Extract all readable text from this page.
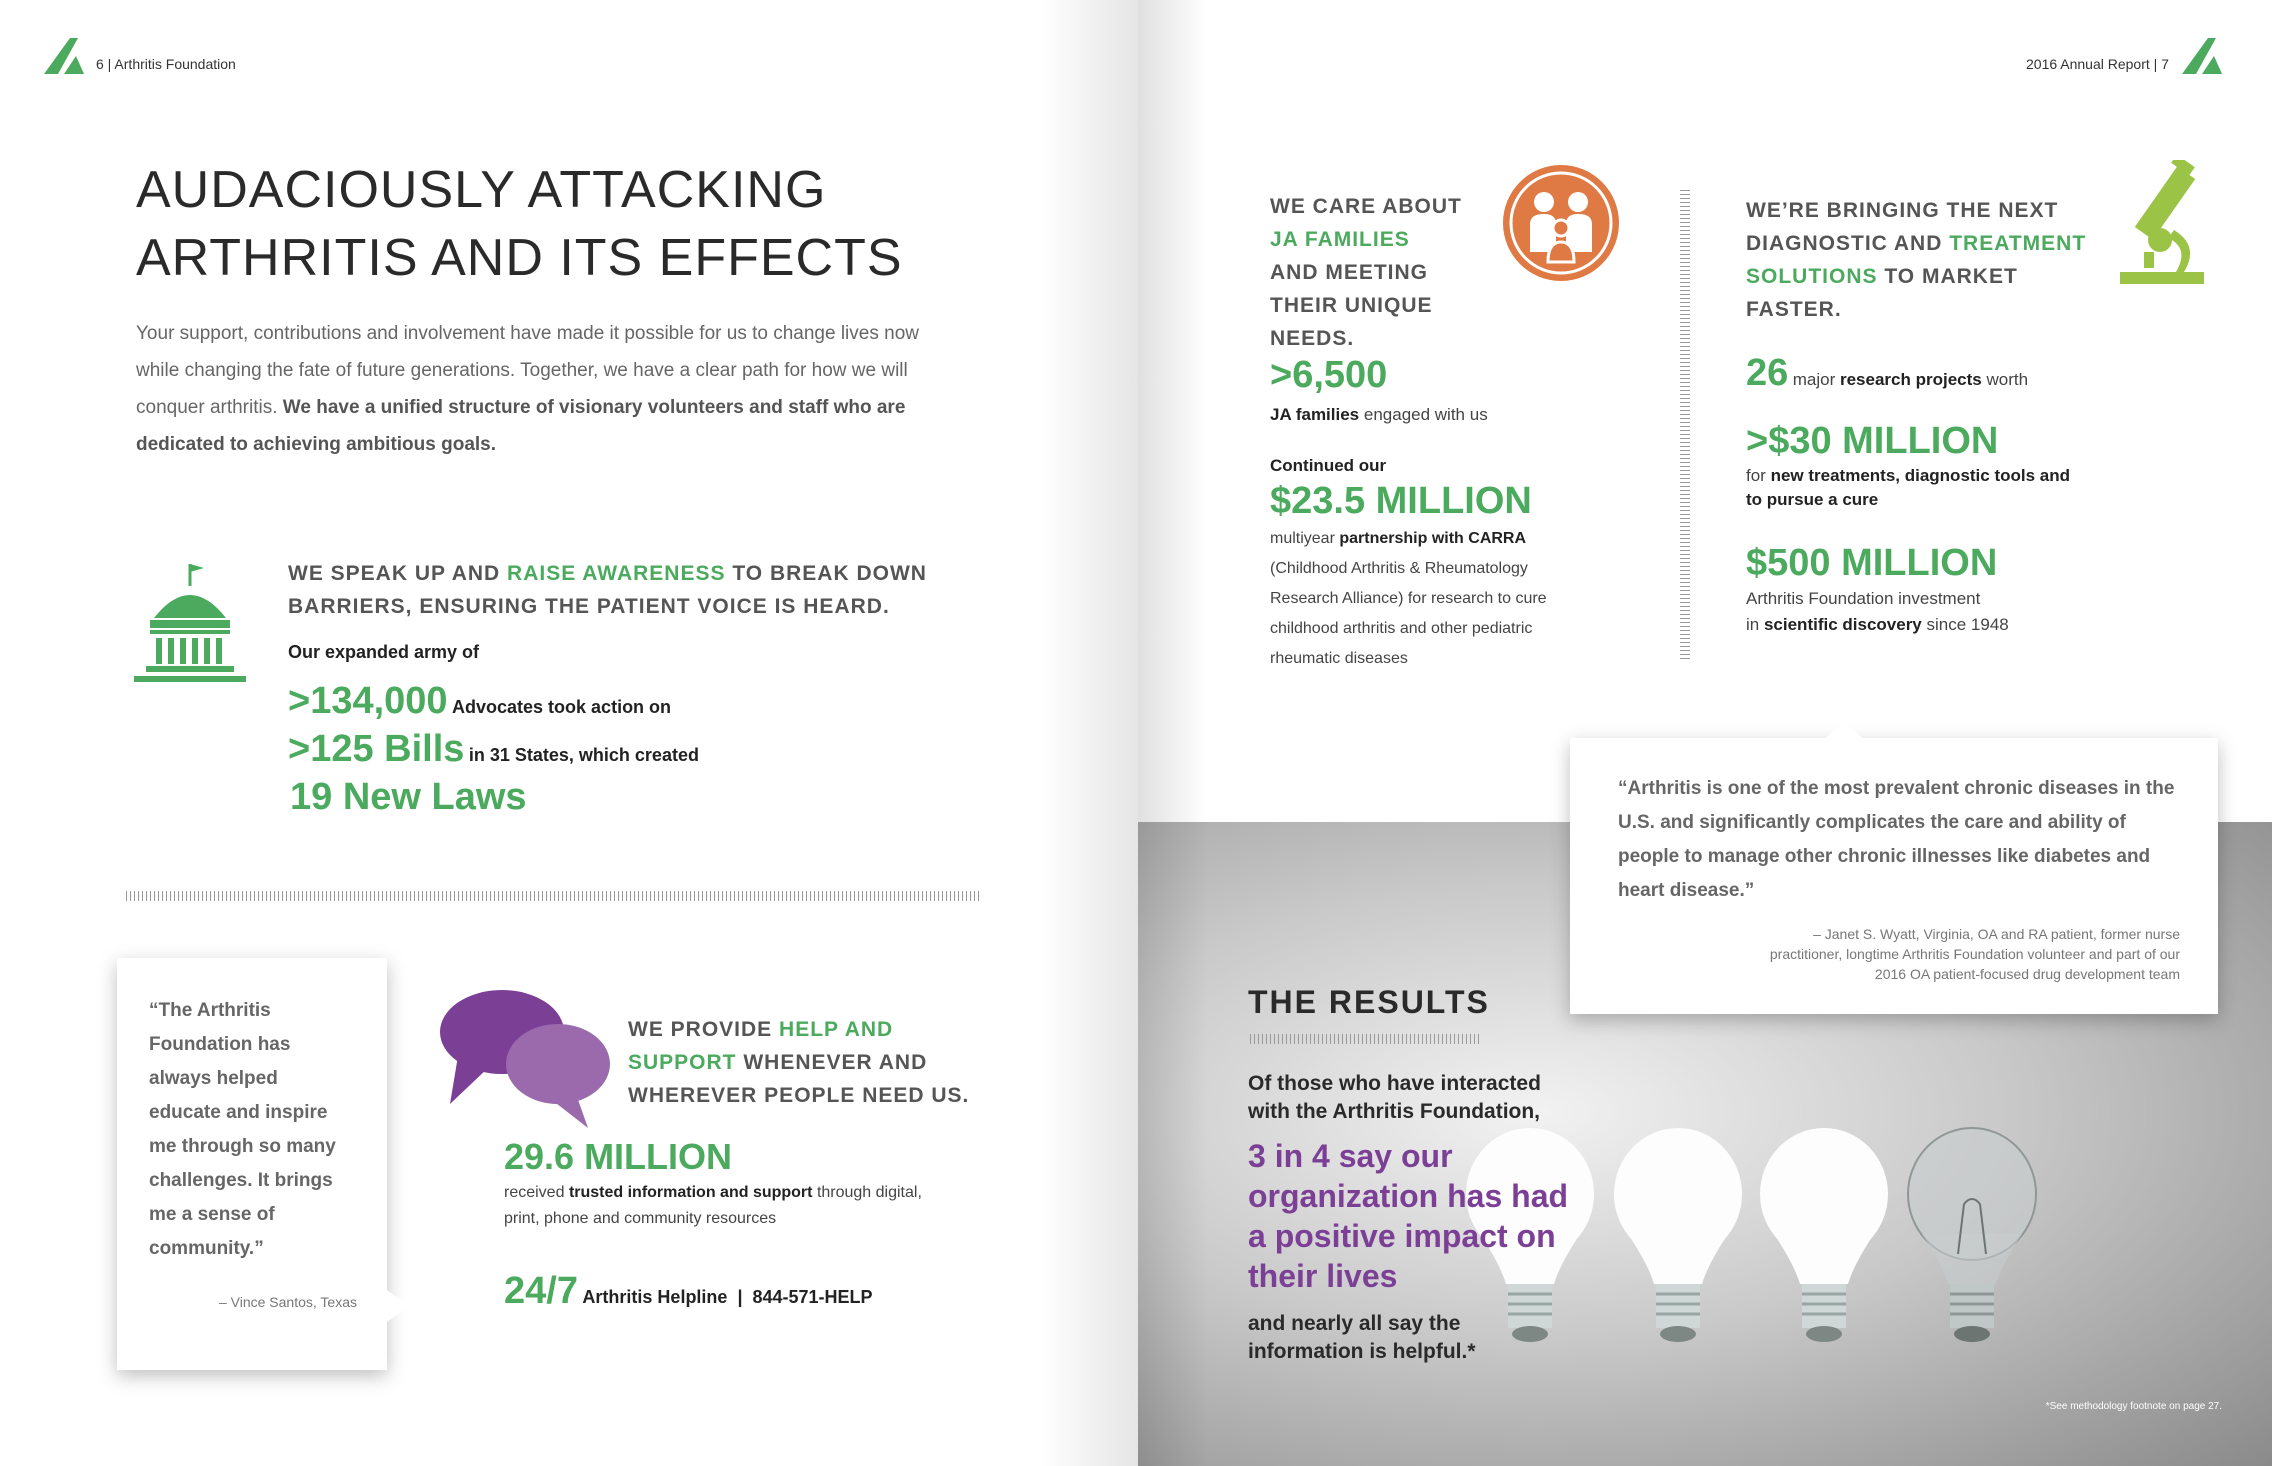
6 | Arthritis Foundation
AUDACIOUSLY ATTACKING
ARTHRITIS AND ITS EFFECTS
Your support, contributions and involvement have made it possible for us to change lives now while changing the fate of future generations. Together, we have a clear path for how we will conquer arthritis. We have a unified structure of visionary volunteers and staff who are dedicated to achieving ambitious goals.
WE SPEAK UP AND RAISE AWARENESS TO BREAK DOWN BARRIERS, ENSURING THE PATIENT VOICE IS HEARD.
Our expanded army of
>134,000 Advocates took action on
>125 Bills in 31 States, which created
19 New Laws
“The Arthritis Foundation has always helped educate and inspire me through so many challenges. It brings me a sense of community.”
– Vince Santos, Texas
WE PROVIDE HELP AND SUPPORT WHENEVER AND WHEREVER PEOPLE NEED US.
29.6 MILLION
received trusted information and support through digital, print, phone and community resources
24/7 Arthritis Helpline  |  844-571-HELP
*See methodology footnote on page 27.
2016 Annual Report | 7
WE CARE ABOUT
JA FAMILIES
AND MEETING
THEIR UNIQUE NEEDS.
>6,500
JA families engaged with us
Continued our
$23.5 MILLION
multiyear partnership with CARRA (Childhood Arthritis & Rheumatology Research Alliance) for research to cure childhood arthritis and other pediatric rheumatic diseases
WE’RE BRINGING THE NEXT
DIAGNOSTIC AND TREATMENT
SOLUTIONS TO MARKET FASTER.
26 major research projects worth
>$30 MILLION
for new treatments, diagnostic tools and to pursue a cure
$500 MILLION
Arthritis Foundation investment
in scientific discovery since 1948
“Arthritis is one of the most prevalent chronic diseases in the U.S. and significantly complicates the care and ability of people to manage other chronic illnesses like diabetes and heart disease.”
– Janet S. Wyatt, Virginia, OA and RA patient, former nurse practitioner, longtime Arthritis Foundation volunteer and part of our 2016 OA patient-focused drug development team
THE RESULTS
Of those who have interacted with the Arthritis Foundation,
3 in 4 say our organization has had a positive impact on their lives
and nearly all say the information is helpful.*
